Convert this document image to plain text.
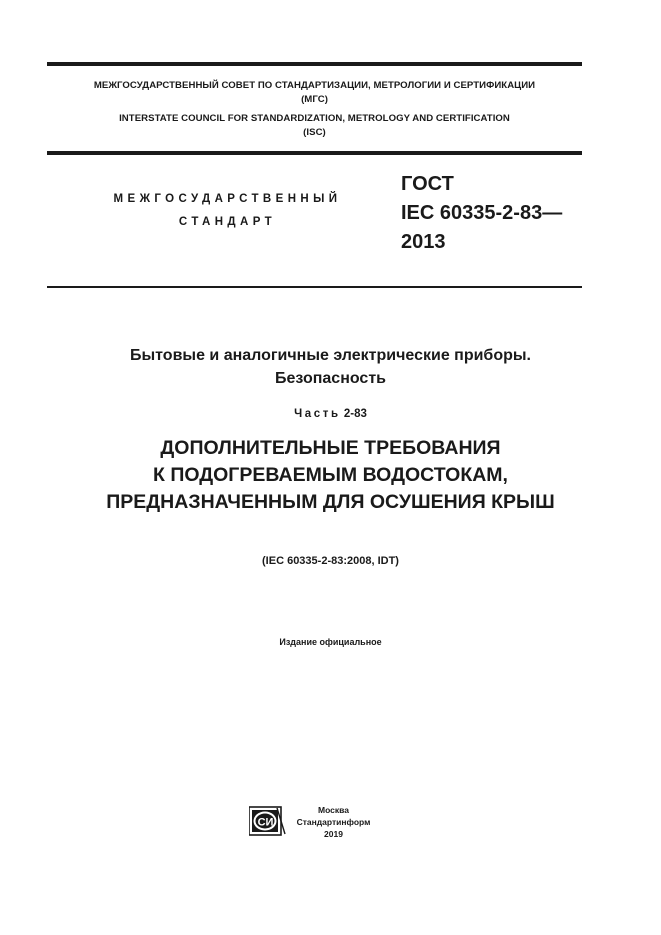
МЕЖГОСУДАРСТВЕННЫЙ СОВЕТ ПО СТАНДАРТИЗАЦИИ, МЕТРОЛОГИИ И СЕРТИФИКАЦИИ
(МГС)
INTERSTATE COUNCIL FOR STANDARDIZATION, METROLOGY AND CERTIFICATION
(ISC)
МЕЖГОСУДАРСТВЕННЫЙ
СТАНДАРТ
ГОСТ
IEC 60335-2-83—
2013
Бытовые и аналогичные электрические приборы.
Безопасность
Часть 2-83
ДОПОЛНИТЕЛЬНЫЕ ТРЕБОВАНИЯ
К ПОДОГРЕВАЕМЫМ ВОДОСТОКАМ,
ПРЕДНАЗНАЧЕННЫМ ДЛЯ ОСУШЕНИЯ КРЫШ
(IEC 60335-2-83:2008, IDT)
Издание официальное
СИ
Москва
Стандартинформ
2019
